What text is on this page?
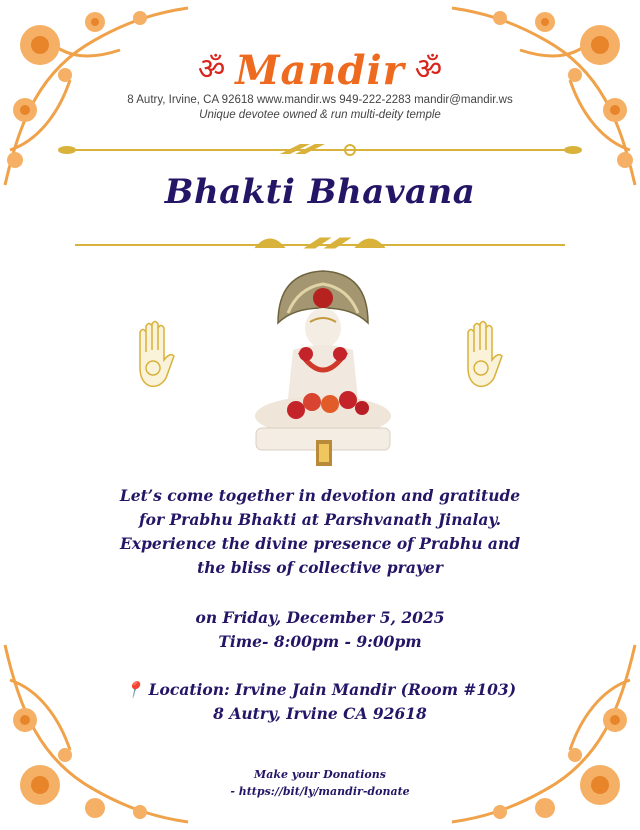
ॐ Mandir ॐ
8 Autry, Irvine, CA 92618 www.mandir.ws 949-222-2283 mandir@mandir.ws
Unique devotee owned & run multi-deity temple
Bhakti Bhavana
Let’s come together in devotion and gratitude
for Prabhu Bhakti at Parshvanath Jinalay.
Experience the divine presence of Prabhu and
the bliss of collective prayer
on Friday, December 5, 2025
Time- 8:00pm - 9:00pm
📍 Location: Irvine Jain Mandir (Room #103)
8 Autry, Irvine CA 92618
Make your Donations
- https://bit/ly/mandir-donate
